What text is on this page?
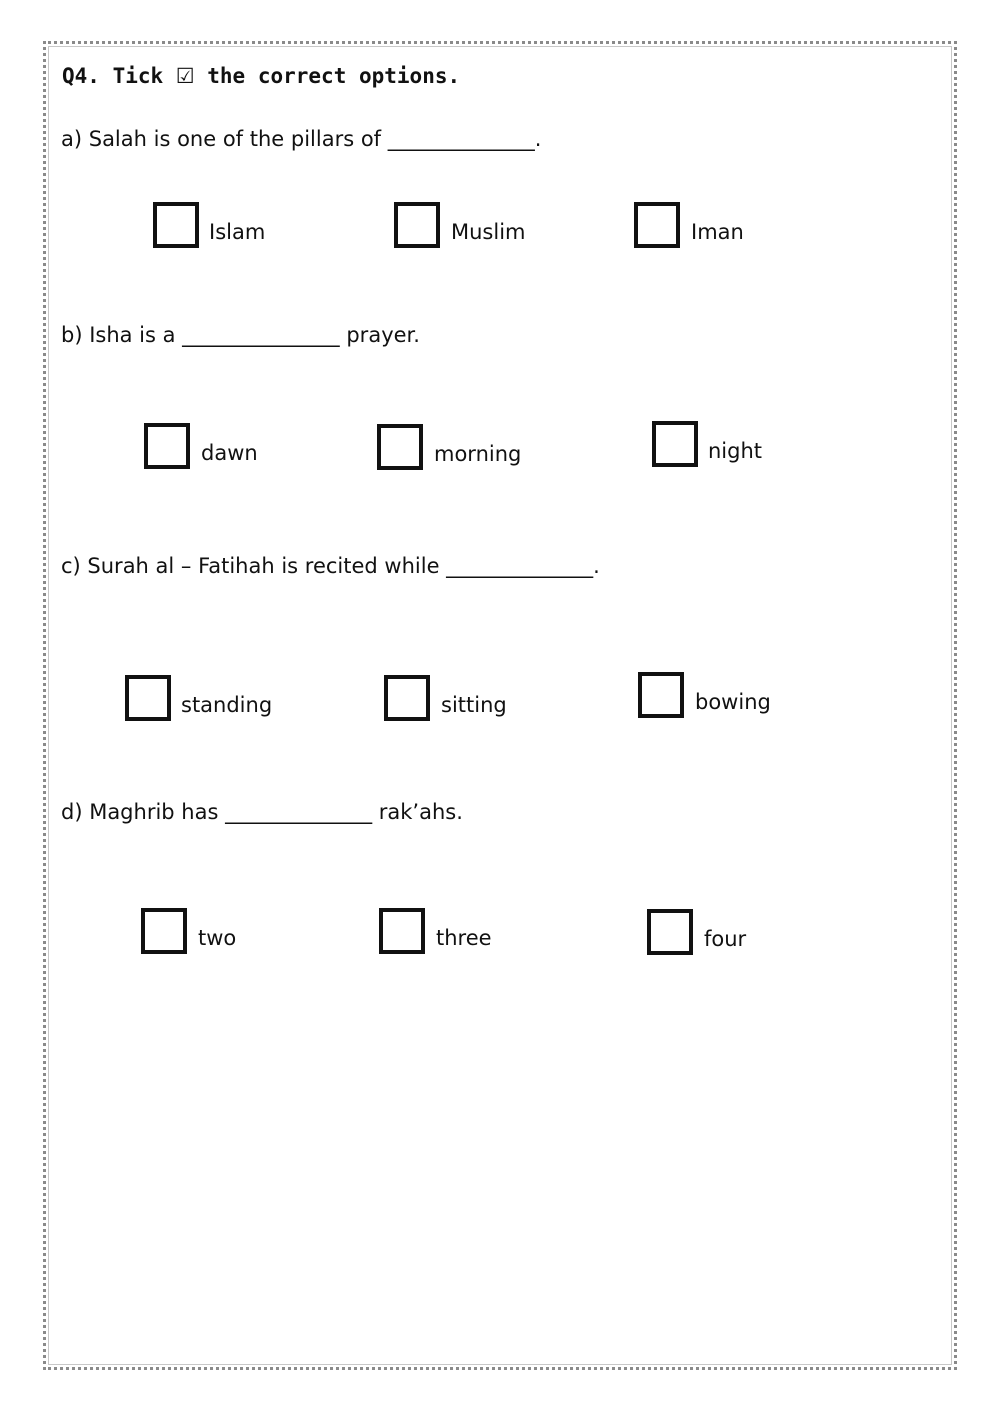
Q4. Tick ☑ the correct options.
a) Salah is one of the pillars of ______________.
Islam	Muslim	Iman
b) Isha is a _______________ prayer.
dawn	morning	night
c) Surah al – Fatihah is recited while ______________.
standing	sitting	bowing
d) Maghrib has ______________ rak’ahs.
two	three	four
